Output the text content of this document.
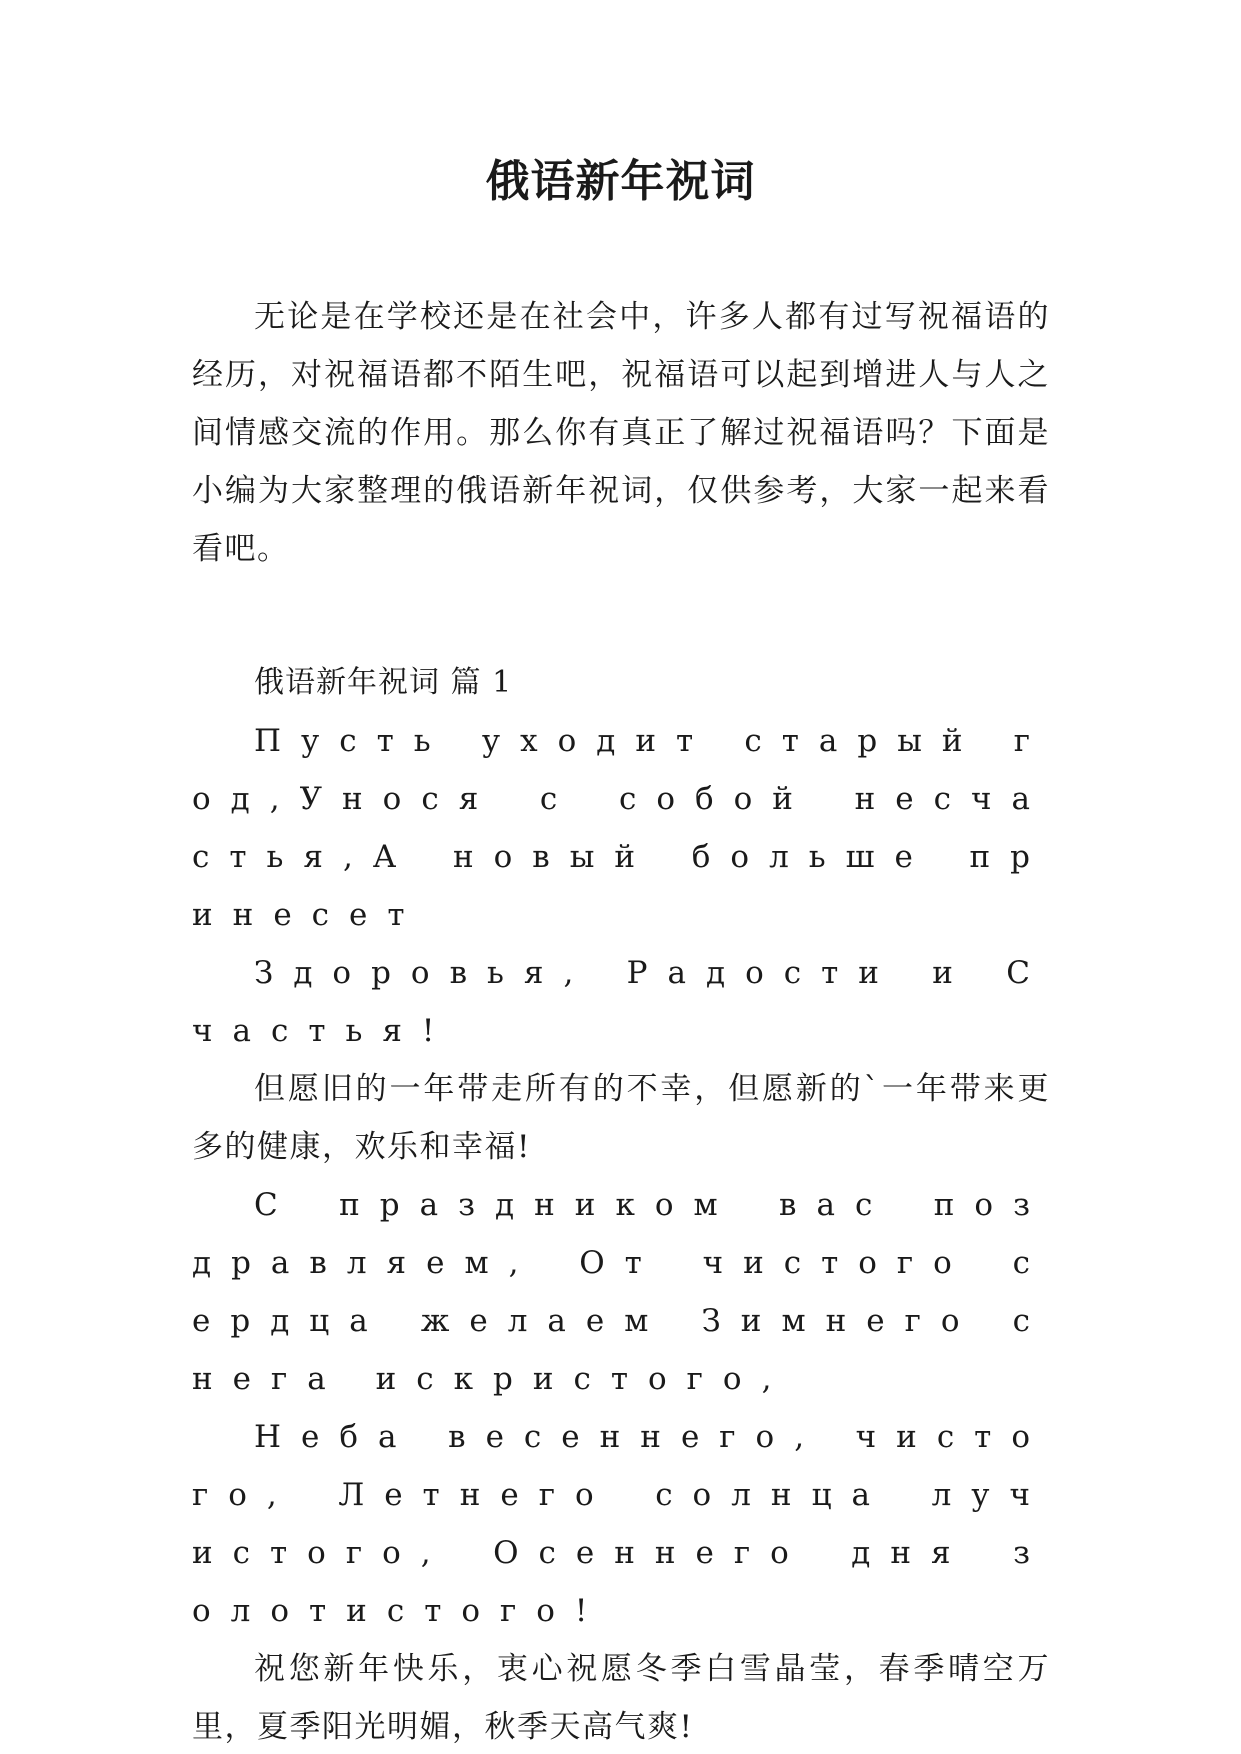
俄语新年祝词

无论是在学校还是在社会中，许多人都有过写祝福语的经历，对祝福语都不陌生吧，祝福语可以起到增进人与人之间情感交流的作用。那么你有真正了解过祝福语吗？下面是小编为大家整理的俄语新年祝词，仅供参考，大家一起来看看吧。

俄语新年祝词 篇 1

Пусть уходит старый год,Унося с собой несчастья,А новый больше принесет

Здоровья, Радости и Счастья!

但愿旧的一年带走所有的不幸，但愿新的`一年带来更多的健康，欢乐和幸福!

С праздником вас поздравляем, От чистого сердца желаем Зимнего снега искристого,

Неба весеннего, чистого, Летнего солнца лучистого, Осеннего дня золотистого!

祝您新年快乐，衷心祝愿冬季白雪晶莹，春季晴空万里，夏季阳光明媚，秋季天高气爽!
